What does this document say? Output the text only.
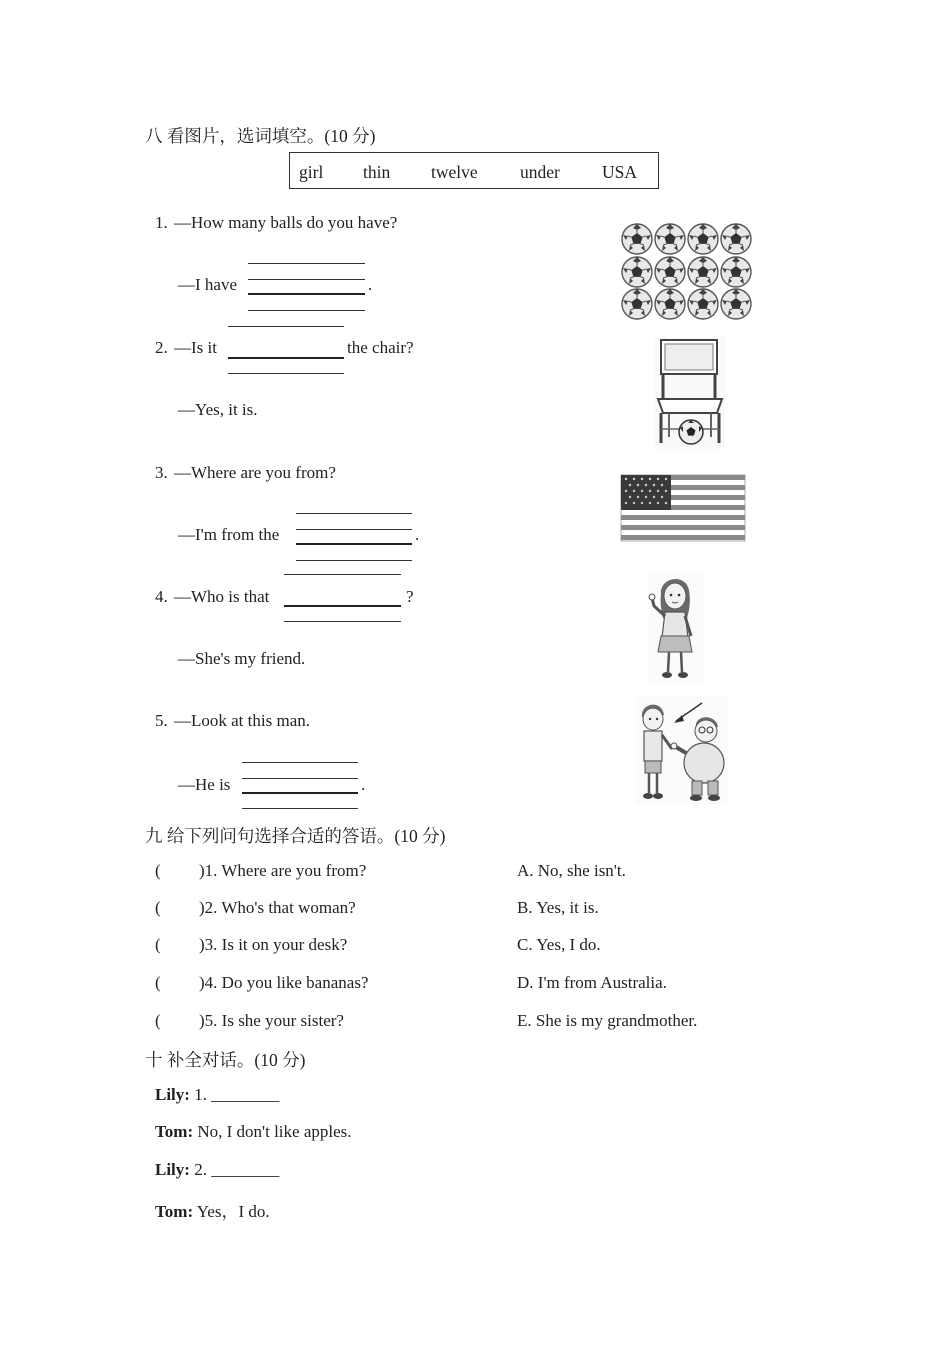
八 看图片，选词填空。(10 分)
girl thin twelve under USA
1. —How many balls do you have?
—I have	.
2. —Is it	the chair?
—Yes, it is.
3. —Where are you from?
—I'm from the	.
4. —Who is that	?
—She's my friend.
5. —Look at this man.
—He is	.
九 给下列问句选择合适的答语。(10 分)
( )1. Where are you from?	A. No, she isn't.
( )2. Who's that woman?	B. Yes, it is.
( )3. Is it on your desk?	C. Yes, I do.
( )4. Do you like bananas?	D. I'm from Australia.
( )5. Is she your sister?	E. She is my grandmother.
十 补全对话。(10 分)
Lily: 1. ________
Tom: No, I don't like apples.
Lily: 2. ________
Tom: Yes，I do.
